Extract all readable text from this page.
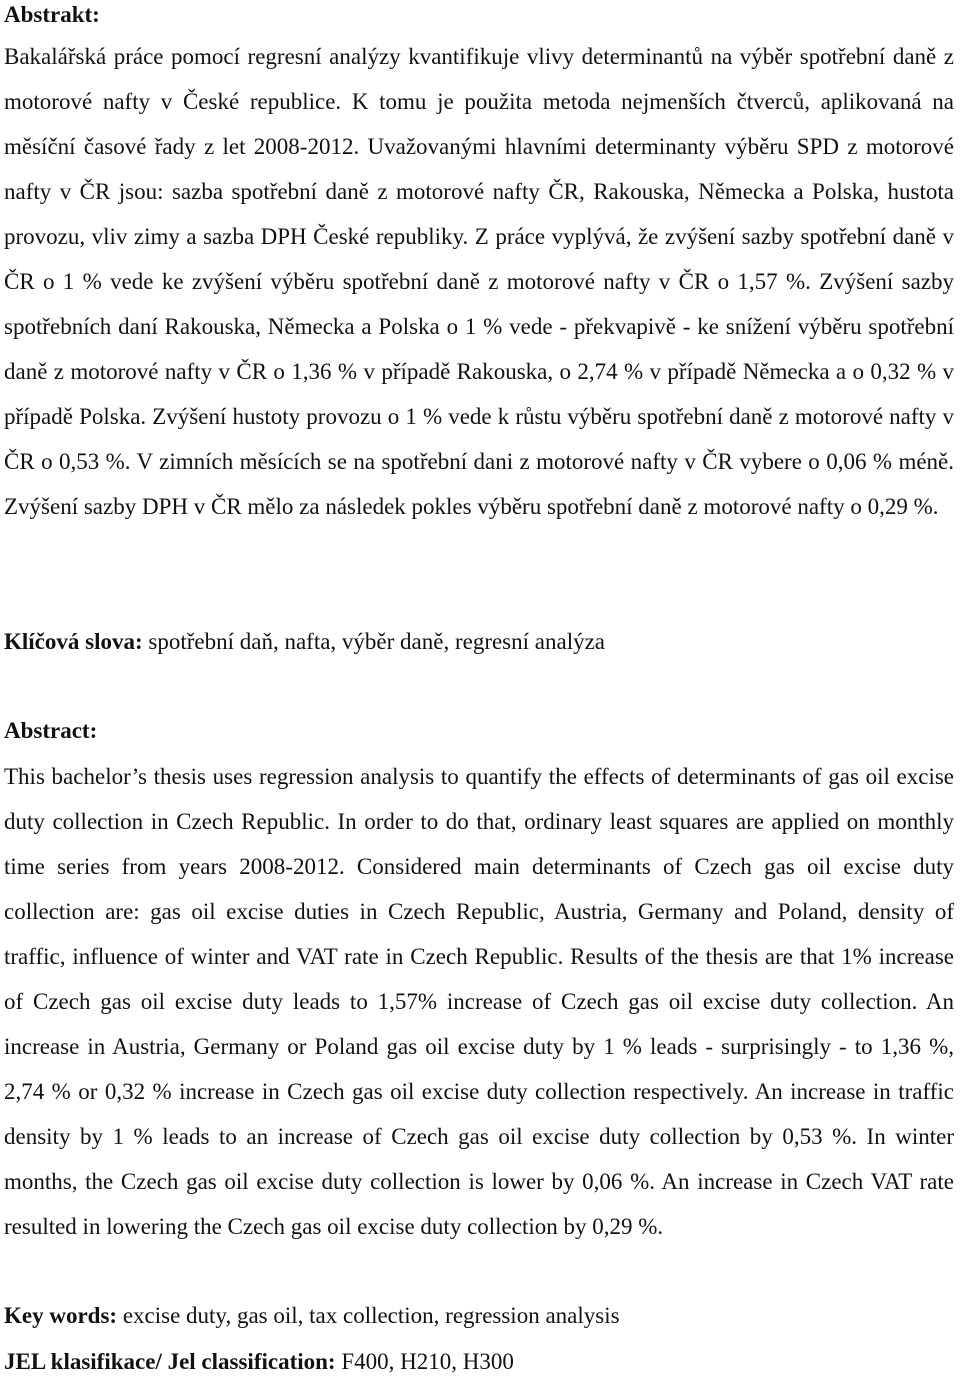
Abstrakt:

Bakalářská práce pomocí regresní analýzy kvantifikuje vlivy determinantů na výběr spotřební daně z motorové nafty v České republice. K tomu je použita metoda nejmenších čtverců, aplikovaná na měsíční časové řady z let 2008-2012. Uvažovanými hlavními determinanty výběru SPD z motorové nafty v ČR jsou: sazba spotřební daně z motorové nafty ČR, Rakouska, Německa a Polska, hustota provozu, vliv zimy a sazba DPH České republiky. Z práce vyplývá, že zvýšení sazby spotřební daně v ČR o 1 % vede ke zvýšení výběru spotřební daně z motorové nafty v ČR o 1,57 %. Zvýšení sazby spotřebních daní Rakouska, Německa a Polska o 1 % vede - překvapivě - ke snížení výběru spotřební daně z motorové nafty v ČR o 1,36 % v případě Rakouska, o 2,74 % v případě Německa a o 0,32 % v případě Polska. Zvýšení hustoty provozu o 1 % vede k růstu výběru spotřební daně z motorové nafty v ČR o 0,53 %. V zimních měsících se na spotřební dani z motorové nafty v ČR vybere o 0,06 % méně. Zvýšení sazby DPH v ČR mělo za následek pokles výběru spotřební daně z motorové nafty o 0,29 %.

Klíčová slova: spotřební daň, nafta, výběr daně, regresní analýza

Abstract:

This bachelor’s thesis uses regression analysis to quantify the effects of determinants of gas oil excise duty collection in Czech Republic. In order to do that, ordinary least squares are applied on monthly time series from years 2008-2012. Considered main determinants of Czech gas oil excise duty collection are: gas oil excise duties in Czech Republic, Austria, Germany and Poland, density of traffic, influence of winter and VAT rate in Czech Republic. Results of the thesis are that 1% increase of Czech gas oil excise duty leads to 1,57% increase of Czech gas oil excise duty collection. An increase in Austria, Germany or Poland gas oil excise duty by 1 % leads - surprisingly - to 1,36 %, 2,74 % or 0,32 % increase in Czech gas oil excise duty collection respectively. An increase in traffic density by 1 % leads to an increase of Czech gas oil excise duty collection by 0,53 %. In winter months, the Czech gas oil excise duty collection is lower by 0,06 %. An increase in Czech VAT rate resulted in lowering the Czech gas oil excise duty collection by 0,29 %.

Key words: excise duty, gas oil, tax collection, regression analysis

JEL klasifikace/ Jel classification: F400, H210, H300
